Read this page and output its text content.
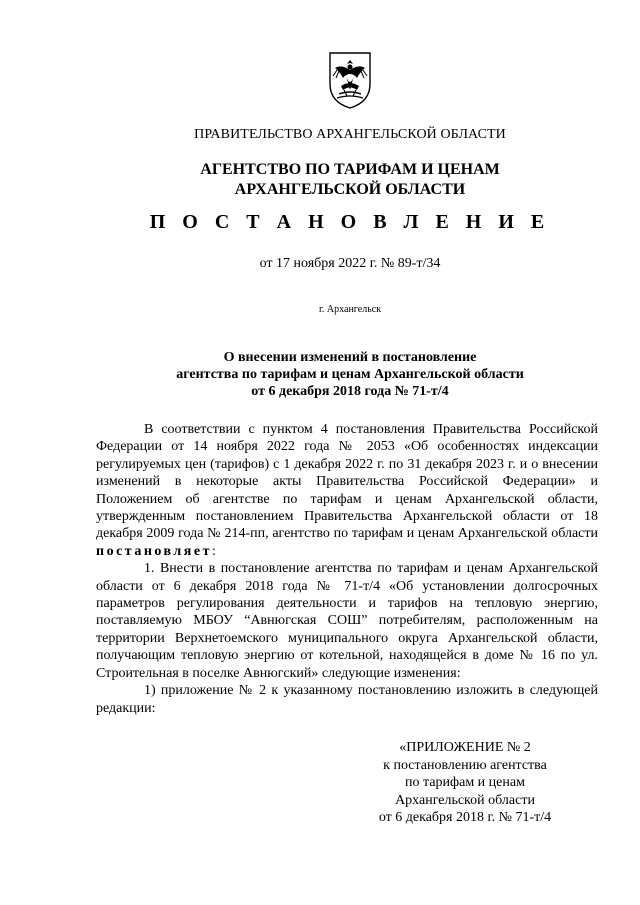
ПРАВИТЕЛЬСТВО АРХАНГЕЛЬСКОЙ ОБЛАСТИ
АГЕНТСТВО ПО ТАРИФАМ И ЦЕНАМ
АРХАНГЕЛЬСКОЙ ОБЛАСТИ
П О С Т А Н О В Л Е Н И Е
от 17 ноября 2022 г. № 89-т/34
г. Архангельск
О внесении изменений в постановление
агентства по тарифам и ценам Архангельской области
от 6 декабря 2018 года № 71-т/4

В соответствии с пунктом 4 постановления Правительства Российской Федерации от 14 ноября 2022 года № 2053 «Об особенностях индексации регулируемых цен (тарифов) с 1 декабря 2022 г. по 31 декабря 2023 г. и о внесении изменений в некоторые акты Правительства Российской Федерации» и Положением об агентстве по тарифам и ценам Архангельской области, утвержденным постановлением Правительства Архангельской области от 18 декабря 2009 года № 214-пп, агентство по тарифам и ценам Архангельской области постановляет:

1. Внести в постановление агентства по тарифам и ценам Архангельской области от 6 декабря 2018 года № 71-т/4 «Об установлении долгосрочных параметров регулирования деятельности и тарифов на тепловую энергию, поставляемую МБОУ “Авнюгская СОШ” потребителям, расположенным на территории Верхнетоемского муниципального округа Архангельской области, получающим тепловую энергию от котельной, находящейся в доме № 16 по ул. Строительная в поселке Авнюгский» следующие изменения:

1) приложение № 2 к указанному постановлению изложить в следующей редакции:

«ПРИЛОЖЕНИЕ № 2
к постановлению агентства
по тарифам и ценам
Архангельской области
от 6 декабря 2018 г. № 71-т/4
